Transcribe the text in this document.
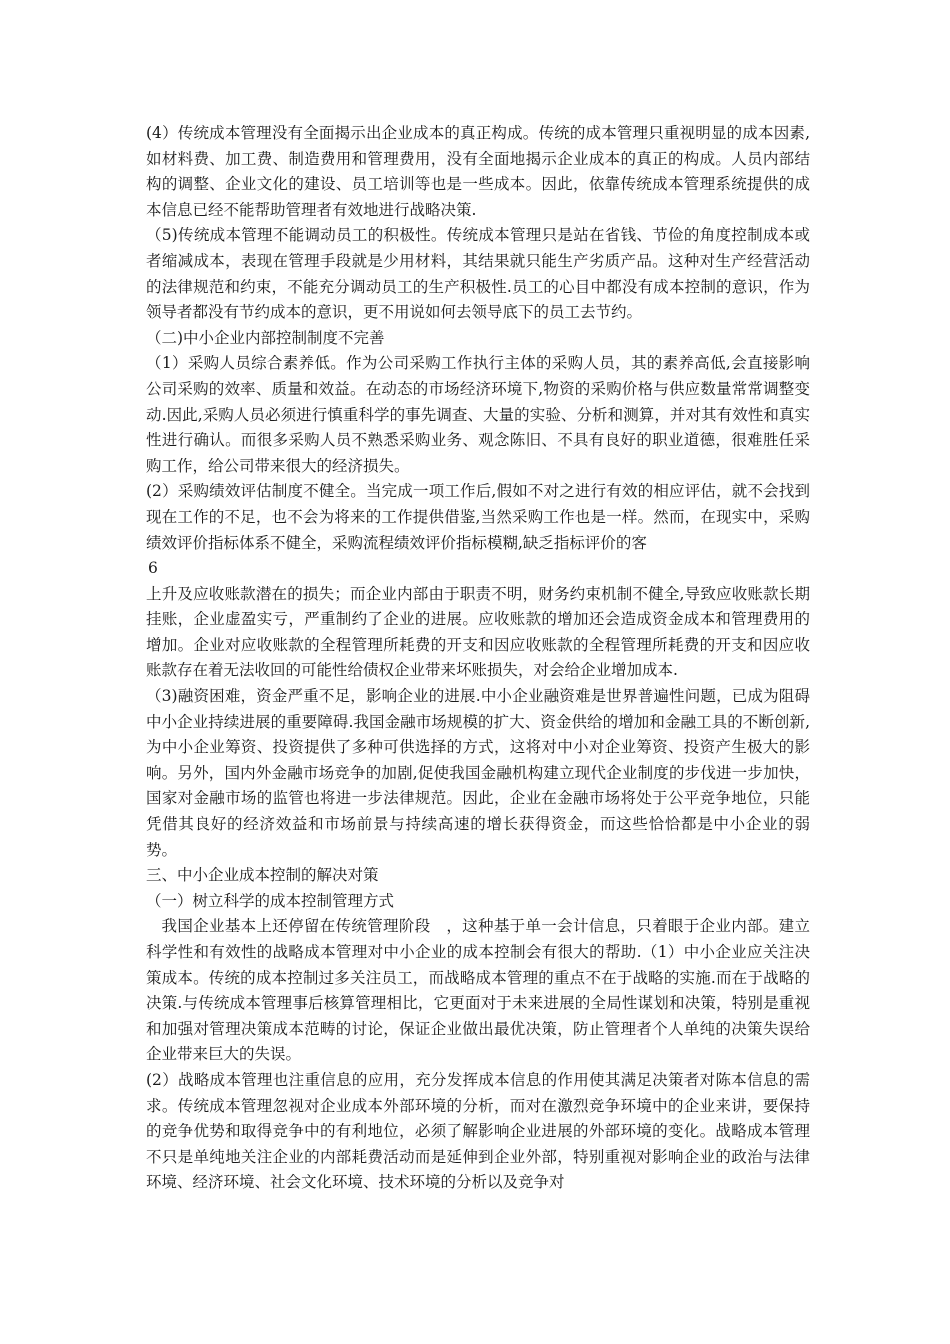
(4）传统成本管理没有全面揭示出企业成本的真正构成。传统的成本管理只重视明显的成本因素,如材料费、加工费、制造费用和管理费用，没有全面地揭示企业成本的真正的构成。人员内部结构的调整、企业文化的建设、员工培训等也是一些成本。因此，依靠传统成本管理系统提供的成本信息已经不能帮助管理者有效地进行战略决策.

（5)传统成本管理不能调动员工的积极性。传统成本管理只是站在省钱、节俭的角度控制成本或者缩减成本，表现在管理手段就是少用材料，其结果就只能生产劣质产品。这种对生产经营活动的法律规范和约束，不能充分调动员工的生产积极性.员工的心目中都没有成本控制的意识，作为领导者都没有节约成本的意识，更不用说如何去领导底下的员工去节约。

（二)中小企业内部控制制度不完善

（1）采购人员综合素养低。作为公司采购工作执行主体的采购人员，其的素养高低,会直接影响公司采购的效率、质量和效益。在动态的市场经济环境下,物资的采购价格与供应数量常常调整变动.因此,采购人员必须进行慎重科学的事先调查、大量的实验、分析和测算，并对其有效性和真实性进行确认。而很多采购人员不熟悉采购业务、观念陈旧、不具有良好的职业道德，很难胜任采购工作，给公司带来很大的经济损失。

(2）采购绩效评估制度不健全。当完成一项工作后,假如不对之进行有效的相应评估，就不会找到现在工作的不足，也不会为将来的工作提供借鉴,当然采购工作也是一样。然而，在现实中，采购绩效评价指标体系不健全，采购流程绩效评价指标模糊,缺乏指标评价的客

6

上升及应收账款潜在的损失；而企业内部由于职责不明，财务约束机制不健全,导致应收账款长期挂账，企业虚盈实亏，严重制约了企业的进展。应收账款的增加还会造成资金成本和管理费用的增加。企业对应收账款的全程管理所耗费的开支和因应收账款的全程管理所耗费的开支和因应收账款存在着无法收回的可能性给债权企业带来坏账损失，对会给企业增加成本.

（3)融资困难，资金严重不足，影响企业的进展.中小企业融资难是世界普遍性问题，已成为阻碍中小企业持续进展的重要障碍.我国金融市场规模的扩大、资金供给的增加和金融工具的不断创新,为中小企业筹资、投资提供了多种可供选择的方式，这将对中小对企业筹资、投资产生极大的影响。另外，国内外金融市场竞争的加剧,促使我国金融机构建立现代企业制度的步伐进一步加快，国家对金融市场的监管也将进一步法律规范。因此，企业在金融市场将处于公平竞争地位，只能凭借其良好的经济效益和市场前景与持续高速的增长获得资金，而这些恰恰都是中小企业的弱势。

三、中小企业成本控制的解决对策

（一）树立科学的成本控制管理方式

我国企业基本上还停留在传统管理阶段　，这种基于单一会计信息，只着眼于企业内部。建立科学性和有效性的战略成本管理对中小企业的成本控制会有很大的帮助.（1）中小企业应关注决策成本。传统的成本控制过多关注员工，而战略成本管理的重点不在于战略的实施.而在于战略的决策.与传统成本管理事后核算管理相比，它更面对于未来进展的全局性谋划和决策，特别是重视和加强对管理决策成本范畴的讨论，保证企业做出最优决策，防止管理者个人单纯的决策失误给企业带来巨大的失误。

(2）战略成本管理也注重信息的应用，充分发挥成本信息的作用使其满足决策者对陈本信息的需求。传统成本管理忽视对企业成本外部环境的分析，而对在激烈竞争环境中的企业来讲，要保持的竞争优势和取得竞争中的有利地位，必须了解影响企业进展的外部环境的变化。战略成本管理不只是单纯地关注企业的内部耗费活动而是延伸到企业外部，特别重视对影响企业的政治与法律环境、经济环境、社会文化环境、技术环境的分析以及竞争对
